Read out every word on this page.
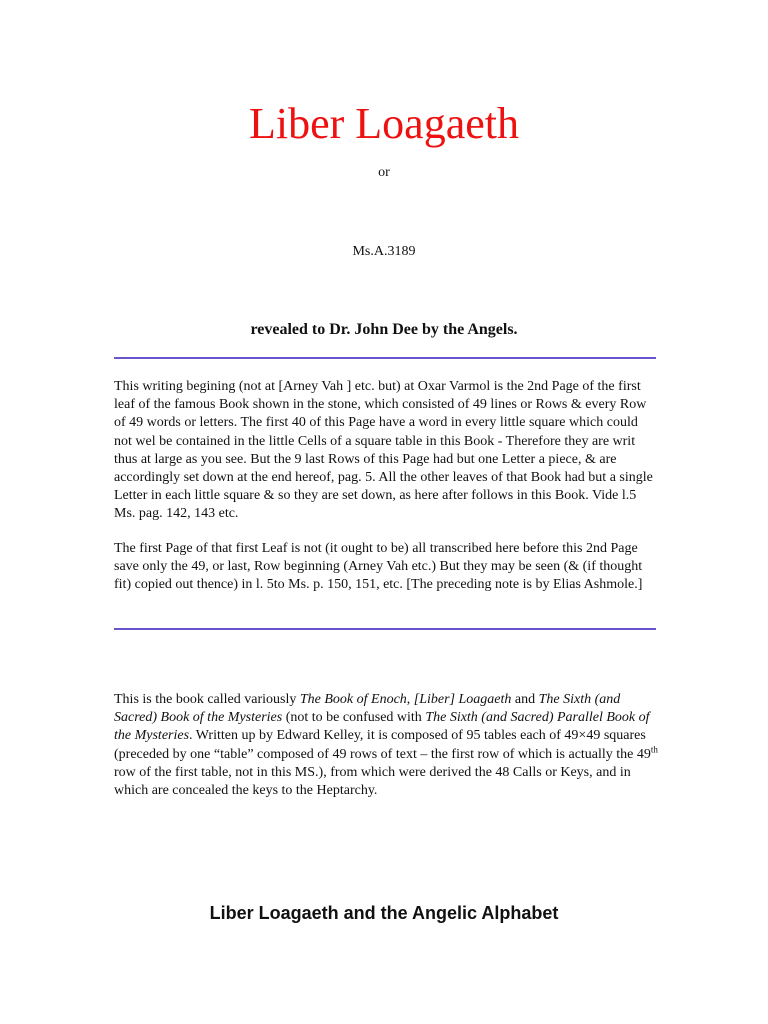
Liber Loagaeth
or
Ms.A.3189
revealed to Dr. John Dee by the Angels.

This writing begining (not at [Arney Vah ] etc. but) at Oxar Varmol is the 2nd Page of the first leaf of the famous Book shown in the stone, which consisted of 49 lines or Rows & every Row of 49 words or letters. The first 40 of this Page have a word in every little square which could not wel be contained in the little Cells of a square table in this Book - Therefore they are writ thus at large as you see. But the 9 last Rows of this Page had but one Letter a piece, & are accordingly set down at the end hereof, pag. 5. All the other leaves of that Book had but a single Letter in each little square & so they are set down, as here after follows in this Book. Vide l.5 Ms. pag. 142, 143 etc.

The first Page of that first Leaf is not (it ought to be) all transcribed here before this 2nd Page save only the 49, or last, Row beginning (Arney Vah etc.) But they may be seen (& (if thought fit) copied out thence) in l. 5to Ms. p. 150, 151, etc. [The preceding note is by Elias Ashmole.]

This is the book called variously The Book of Enoch, [Liber] Loagaeth and The Sixth (and Sacred) Book of the Mysteries (not to be confused with The Sixth (and Sacred) Parallel Book of the Mysteries. Written up by Edward Kelley, it is composed of 95 tables each of 49×49 squares (preceded by one “table” composed of 49 rows of text – the first row of which is actually the 49th row of the first table, not in this MS.), from which were derived the 48 Calls or Keys, and in which are concealed the keys to the Heptarchy.

Liber Loagaeth and the Angelic Alphabet
